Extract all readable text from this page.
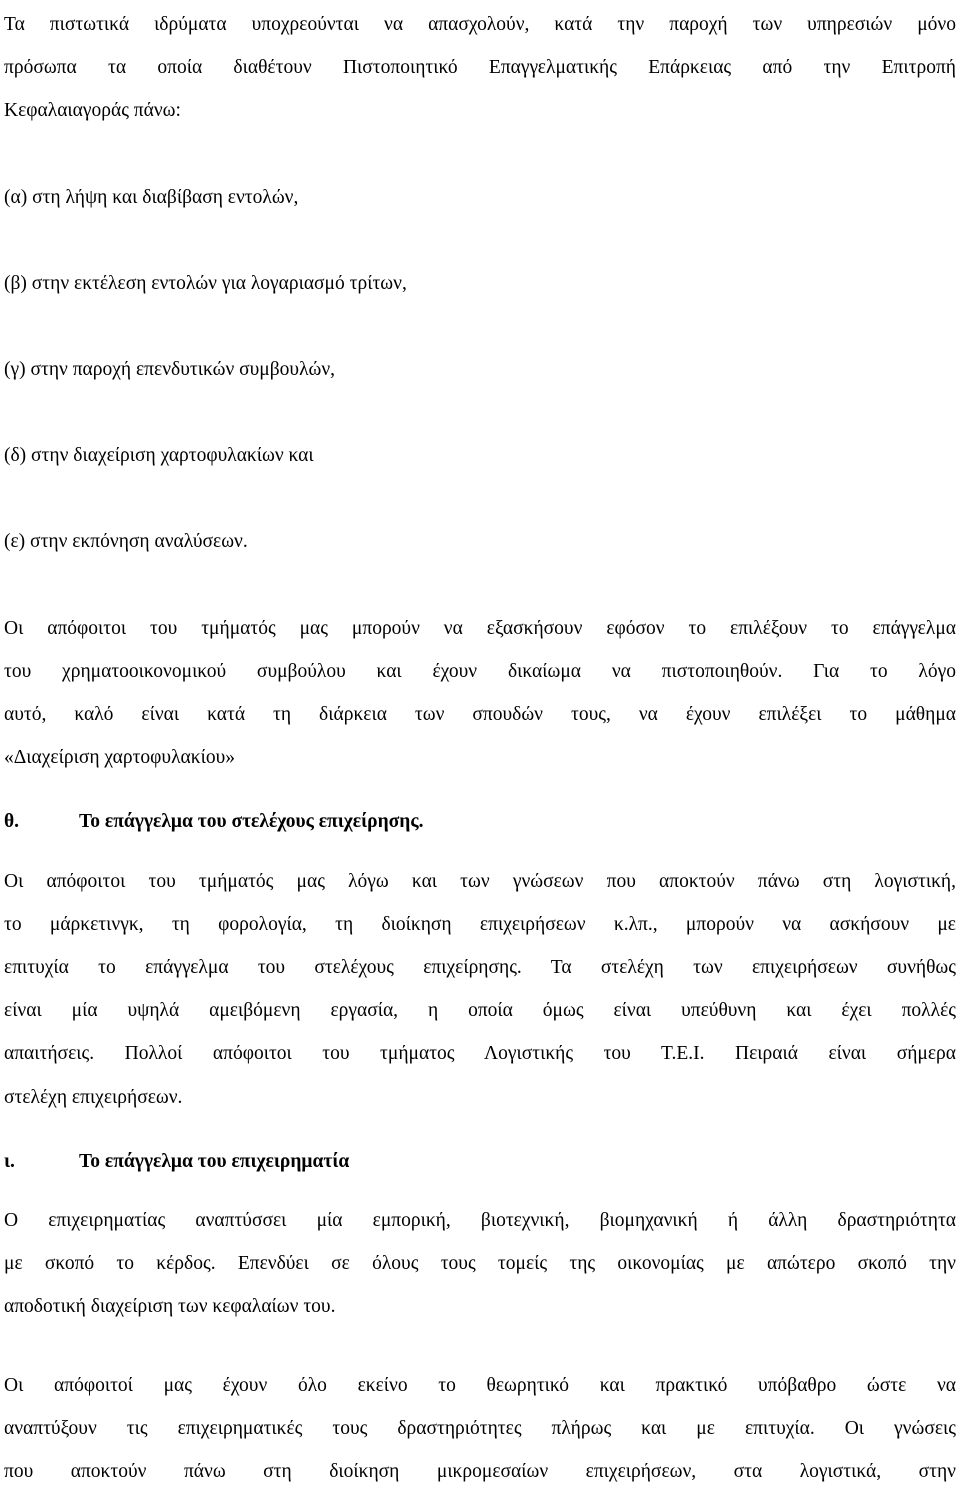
Τα πιστωτικά ιδρύματα υποχρεούνται να απασχολούν, κατά την παροχή των υπηρεσιών μόνο
πρόσωπα τα οποία διαθέτουν Πιστοποιητικό Επαγγελματικής Επάρκειας από την Επιτροπή
Κεφαλαιαγοράς πάνω:
(α) στη λήψη και διαβίβαση εντολών,
(β) στην εκτέλεση εντολών για λογαριασμό τρίτων,
(γ) στην παροχή επενδυτικών συμβουλών,
(δ) στην διαχείριση χαρτοφυλακίων και
(ε) στην εκπόνηση αναλύσεων.
Οι απόφοιτοι του τμήματός μας μπορούν να εξασκήσουν εφόσον το επιλέξουν το επάγγελμα
του χρηματοοικονομικού συμβούλου και έχουν δικαίωμα να πιστοποιηθούν. Για το λόγο
αυτό, καλό είναι κατά τη διάρκεια των σπουδών τους, να έχουν επιλέξει το μάθημα
«Διαχείριση χαρτοφυλακίου»
θ.	Το επάγγελμα του στελέχους επιχείρησης.
Οι απόφοιτοι του τμήματός μας λόγω και των γνώσεων που αποκτούν πάνω στη λογιστική,
το μάρκετινγκ, τη φορολογία, τη διοίκηση επιχειρήσεων κ.λπ., μπορούν να ασκήσουν με
επιτυχία το επάγγελμα του στελέχους επιχείρησης. Τα στελέχη των επιχειρήσεων συνήθως
είναι μία υψηλά αμειβόμενη εργασία, η οποία όμως είναι υπεύθυνη και έχει πολλές
απαιτήσεις. Πολλοί απόφοιτοι του τμήματος Λογιστικής του Τ.Ε.Ι. Πειραιά είναι σήμερα
στελέχη επιχειρήσεων.
ι.	Το επάγγελμα του επιχειρηματία
Ο επιχειρηματίας αναπτύσσει μία εμπορική, βιοτεχνική, βιομηχανική ή άλλη δραστηριότητα
με σκοπό το κέρδος. Επενδύει σε όλους τους τομείς της οικονομίας με απώτερο σκοπό την
αποδοτική διαχείριση των κεφαλαίων του.
Οι απόφοιτοί μας έχουν όλο εκείνο το θεωρητικό και πρακτικό υπόβαθρο ώστε να
αναπτύξουν τις επιχειρηματικές τους δραστηριότητες πλήρως και με επιτυχία. Οι γνώσεις
που αποκτούν πάνω στη διοίκηση μικρομεσαίων επιχειρήσεων, στα λογιστικά, στην
